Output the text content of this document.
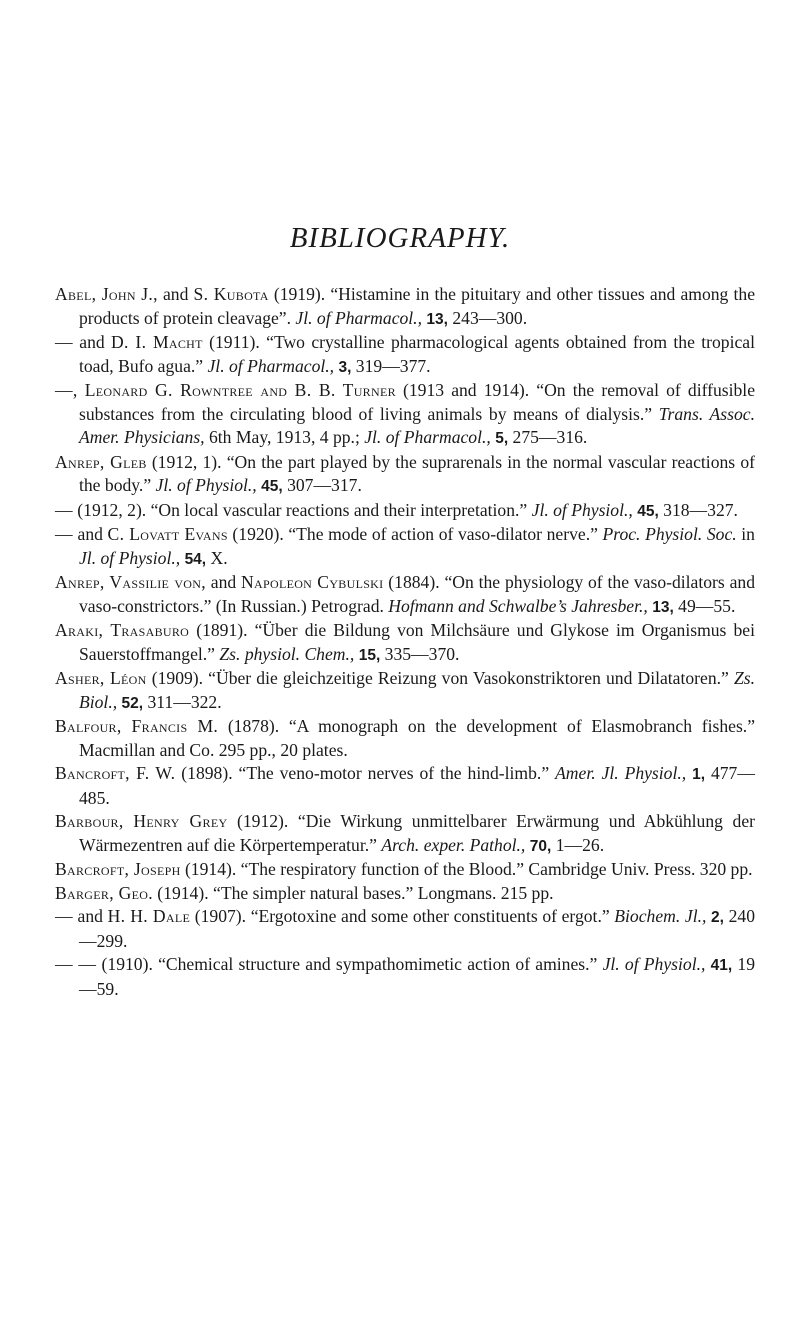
BIBLIOGRAPHY.
Abel, John J., and S. Kubota (1919). “Histamine in the pituitary and other tissues and among the products of protein cleavage”. Jl. of Pharmacol., 13, 243—300.
— and D. I. Macht (1911). “Two crystalline pharmacological agents obtained from the tropical toad, Bufo agua.” Jl. of Pharmacol., 3, 319—377.
—, Leonard G. Rowntree and B. B. Turner (1913 and 1914). “On the removal of diffusible substances from the circulating blood of living animals by means of dialysis.” Trans. Assoc. Amer. Physicians, 6th May, 1913, 4 pp.; Jl. of Pharmacol., 5, 275—316.
Anrep, Gleb (1912, 1). “On the part played by the suprarenals in the normal vascular reactions of the body.” Jl. of Physiol., 45, 307—317.
— (1912, 2). “On local vascular reactions and their interpretation.” Jl. of Physiol., 45, 318—327.
— and C. Lovatt Evans (1920). “The mode of action of vaso-dilator nerve.” Proc. Physiol. Soc. in Jl. of Physiol., 54, X.
Anrep, Vassilie von, and Napoleon Cybulski (1884). “On the physiology of the vaso-dilators and vaso-constrictors.” (In Russian.) Petrograd. Hofmann and Schwalbe’s Jahresber., 13, 49—55.
Araki, Trasaburo (1891). “Über die Bildung von Milchsäure und Glykose im Organismus bei Sauerstoffmangel.” Zs. physiol. Chem., 15, 335—370.
Asher, Léon (1909). “Über die gleichzeitige Reizung von Vasokonstriktoren und Dilatatoren.” Zs. Biol., 52, 311—322.
Balfour, Francis M. (1878). “A monograph on the development of Elasmobranch fishes.” Macmillan and Co. 295 pp., 20 plates.
Bancroft, F. W. (1898). “The veno-motor nerves of the hind-limb.” Amer. Jl. Physiol., 1, 477—485.
Barbour, Henry Grey (1912). “Die Wirkung unmittelbarer Erwärmung und Abkühlung der Wärmezentren auf die Körpertemperatur.” Arch. exper. Pathol., 70, 1—26.
Barcroft, Joseph (1914). “The respiratory function of the Blood.” Cambridge Univ. Press. 320 pp.
Barger, Geo. (1914). “The simpler natural bases.” Longmans. 215 pp.
— and H. H. Dale (1907). “Ergotoxine and some other constituents of ergot.” Biochem. Jl., 2, 240—299.
— — (1910). “Chemical structure and sympathomimetic action of amines.” Jl. of Physiol., 41, 19—59.
